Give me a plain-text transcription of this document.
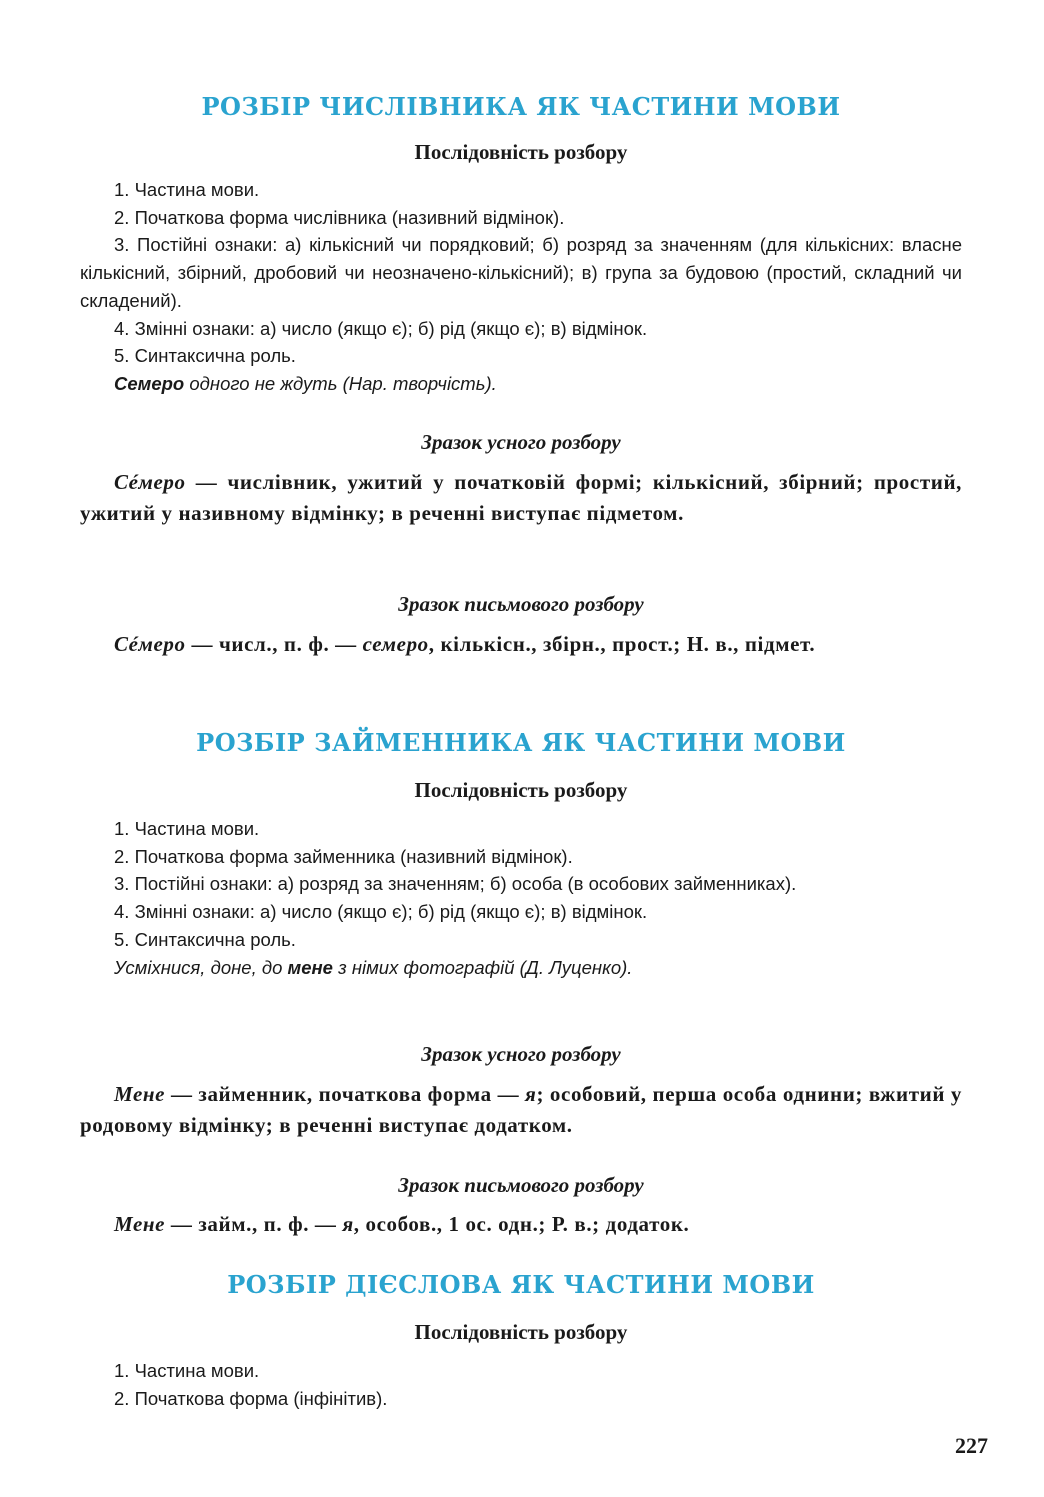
РОЗБІР ЧИСЛІВНИКА ЯК ЧАСТИНИ МОВИ
Послідовність розбору

1. Частина мови.

2. Початкова форма числівника (називний відмінок).

3. Постійні ознаки: а) кількісний чи порядковий; б) розряд за значенням (для кількісних: власне кількісний, збірний, дробовий чи неозначено-кількісний); в) група за будовою (простий, складний чи складений).

4. Змінні ознаки: а) число (якщо є); б) рід (якщо є); в) відмінок.

5. Синтаксична роль.

Семеро одного не ждуть (Нар. творчість).

Зразок усного розбору

Сéмеро — числівник, ужитий у початковій формі; кількісний, збірний; простий, ужитий у називному відмінку; в реченні виступає підметом.

Зразок письмового розбору

Сéмеро — числ., п. ф. — семеро, кількісн., збірн., прост.; Н. в., підмет.

РОЗБІР ЗАЙМЕННИКА ЯК ЧАСТИНИ МОВИ
Послідовність розбору

1. Частина мови.

2. Початкова форма займенника (називний відмінок).

3. Постійні ознаки: а) розряд за значенням; б) особа (в особових займенниках).

4. Змінні ознаки: а) число (якщо є); б) рід (якщо є); в) відмінок.

5. Синтаксична роль.

Усміхнися, доне, до мене з німих фотографій (Д. Луценко).

Зразок усного розбору

Мене — займенник, початкова форма — я; особовий, перша особа однини; вжитий у родовому відмінку; в реченні виступає додатком.

Зразок письмового розбору

Мене — займ., п. ф. — я, особов., 1 ос. одн.; Р. в.; додаток.

РОЗБІР ДІЄСЛОВА ЯК ЧАСТИНИ МОВИ
Послідовність розбору

1. Частина мови.

2. Початкова форма (інфінітив).

227
